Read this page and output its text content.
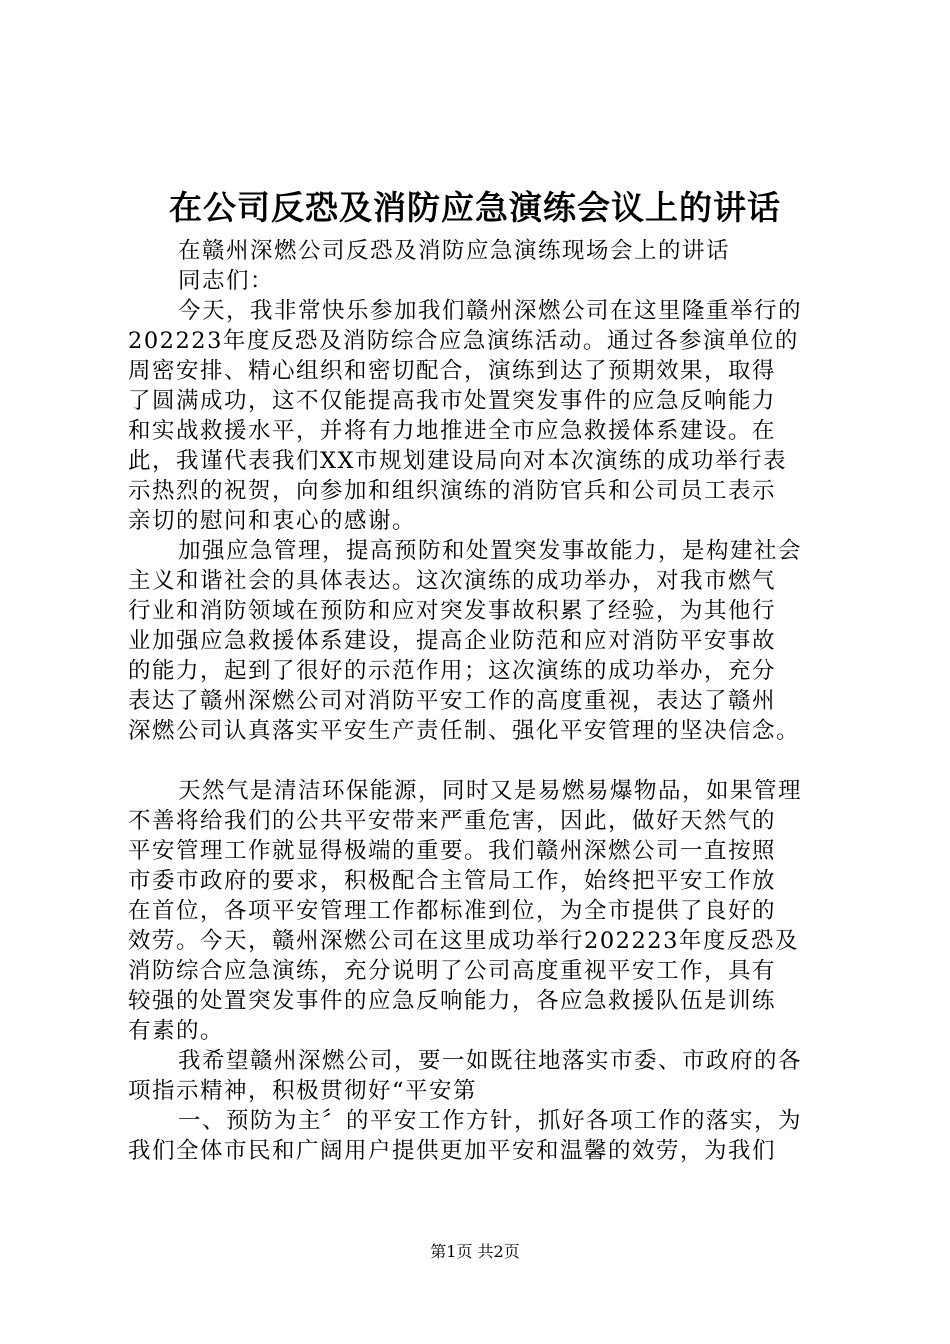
在公司反恐及消防应急演练会议上的讲话
在赣州深燃公司反恐及消防应急演练现场会上的讲话
同志们：
今天，我非常快乐参加我们赣州深燃公司在这里隆重举行的
202223年度反恐及消防综合应急演练活动。通过各参演单位的
周密安排、精心组织和密切配合，演练到达了预期效果，取得
了圆满成功，这不仅能提高我市处置突发事件的应急反响能力
和实战救援水平，并将有力地推进全市应急救援体系建设。在
此，我谨代表我们XX市规划建设局向对本次演练的成功举行表
示热烈的祝贺，向参加和组织演练的消防官兵和公司员工表示
亲切的慰问和衷心的感谢。
加强应急管理，提高预防和处置突发事故能力，是构建社会
主义和谐社会的具体表达。这次演练的成功举办，对我市燃气
行业和消防领域在预防和应对突发事故积累了经验，为其他行
业加强应急救援体系建设，提高企业防范和应对消防平安事故
的能力，起到了很好的示范作用；这次演练的成功举办，充分
表达了赣州深燃公司对消防平安工作的高度重视，表达了赣州
深燃公司认真落实平安生产责任制、强化平安管理的坚决信念。
天然气是清洁环保能源，同时又是易燃易爆物品，如果管理
不善将给我们的公共平安带来严重危害，因此，做好天然气的
平安管理工作就显得极端的重要。我们赣州深燃公司一直按照
市委市政府的要求，积极配合主管局工作，始终把平安工作放
在首位，各项平安管理工作都标准到位，为全市提供了良好的
效劳。今天，赣州深燃公司在这里成功举行202223年度反恐及
消防综合应急演练，充分说明了公司高度重视平安工作，具有
较强的处置突发事件的应急反响能力，各应急救援队伍是训练
有素的。
我希望赣州深燃公司，要一如既往地落实市委、市政府的各
项指示精神，积极贯彻好“平安第
一、预防为主〞的平安工作方针，抓好各项工作的落实，为
我们全体市民和广阔用户提供更加平安和温馨的效劳，为我们
第1页 共2页
